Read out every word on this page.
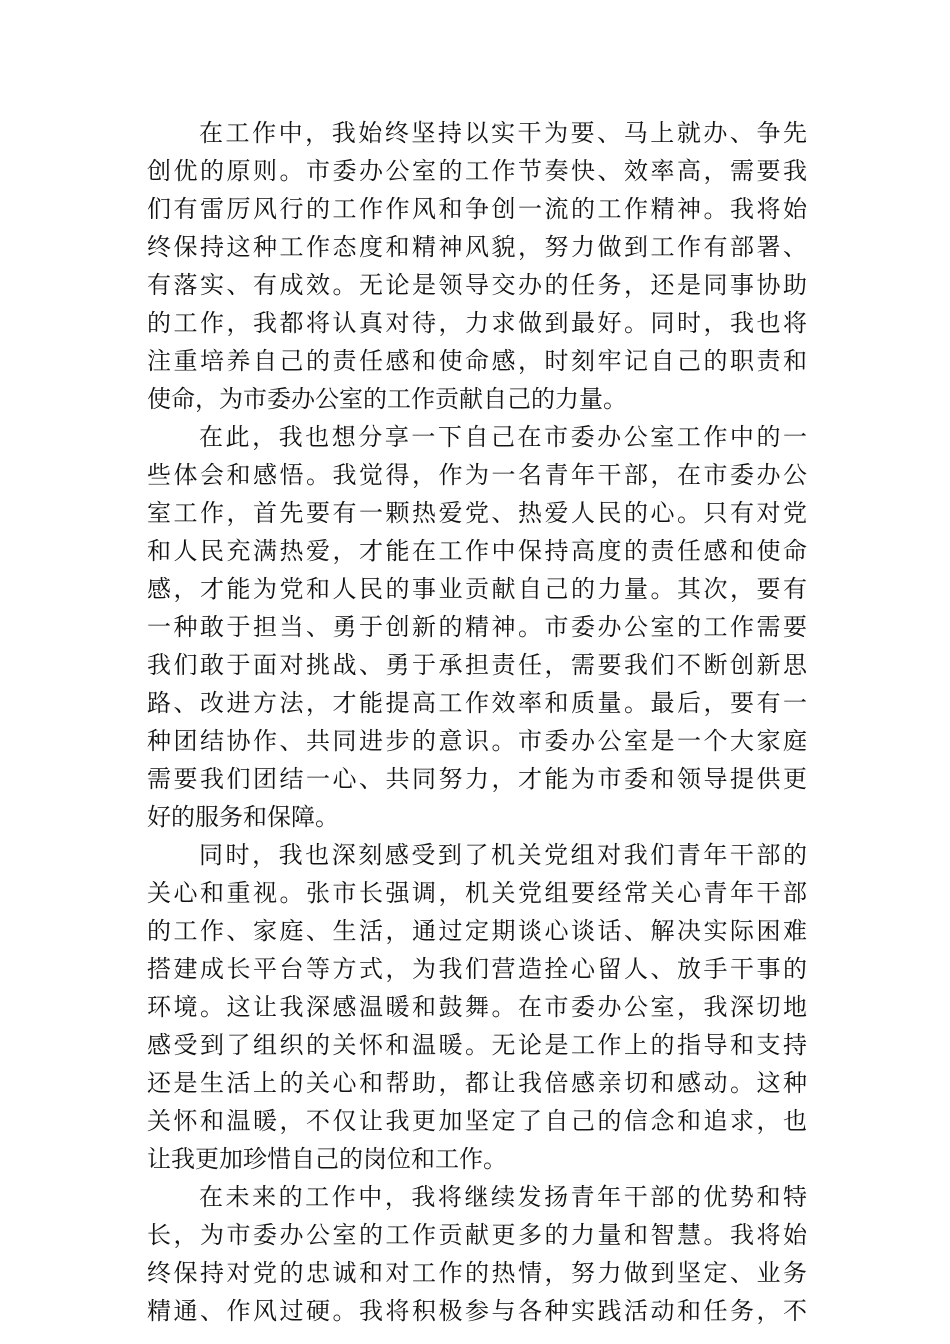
在工作中，我始终坚持以实干为要、马上就办、争先
创优的原则。市委办公室的工作节奏快、效率高，需要我
们有雷厉风行的工作作风和争创一流的工作精神。我将始
终保持这种工作态度和精神风貌，努力做到工作有部署、
有落实、有成效。无论是领导交办的任务，还是同事协助
的工作，我都将认真对待，力求做到最好。同时，我也将
注重培养自己的责任感和使命感，时刻牢记自己的职责和
使命，为市委办公室的工作贡献自己的力量。
在此，我也想分享一下自己在市委办公室工作中的一
些体会和感悟。我觉得，作为一名青年干部，在市委办公
室工作，首先要有一颗热爱党、热爱人民的心。只有对党
和人民充满热爱，才能在工作中保持高度的责任感和使命
感，才能为党和人民的事业贡献自己的力量。其次，要有
一种敢于担当、勇于创新的精神。市委办公室的工作需要
我们敢于面对挑战、勇于承担责任，需要我们不断创新思
路、改进方法，才能提高工作效率和质量。最后，要有一
种团结协作、共同进步的意识。市委办公室是一个大家庭
需要我们团结一心、共同努力，才能为市委和领导提供更
好的服务和保障。
同时，我也深刻感受到了机关党组对我们青年干部的
关心和重视。张市长强调，机关党组要经常关心青年干部
的工作、家庭、生活，通过定期谈心谈话、解决实际困难
搭建成长平台等方式，为我们营造拴心留人、放手干事的
环境。这让我深感温暖和鼓舞。在市委办公室，我深切地
感受到了组织的关怀和温暖。无论是工作上的指导和支持
还是生活上的关心和帮助，都让我倍感亲切和感动。这种
关怀和温暖，不仅让我更加坚定了自己的信念和追求，也
让我更加珍惜自己的岗位和工作。
在未来的工作中，我将继续发扬青年干部的优势和特
长，为市委办公室的工作贡献更多的力量和智慧。我将始
终保持对党的忠诚和对工作的热情，努力做到坚定、业务
精通、作风过硬。我将积极参与各种实践活动和任务，不
